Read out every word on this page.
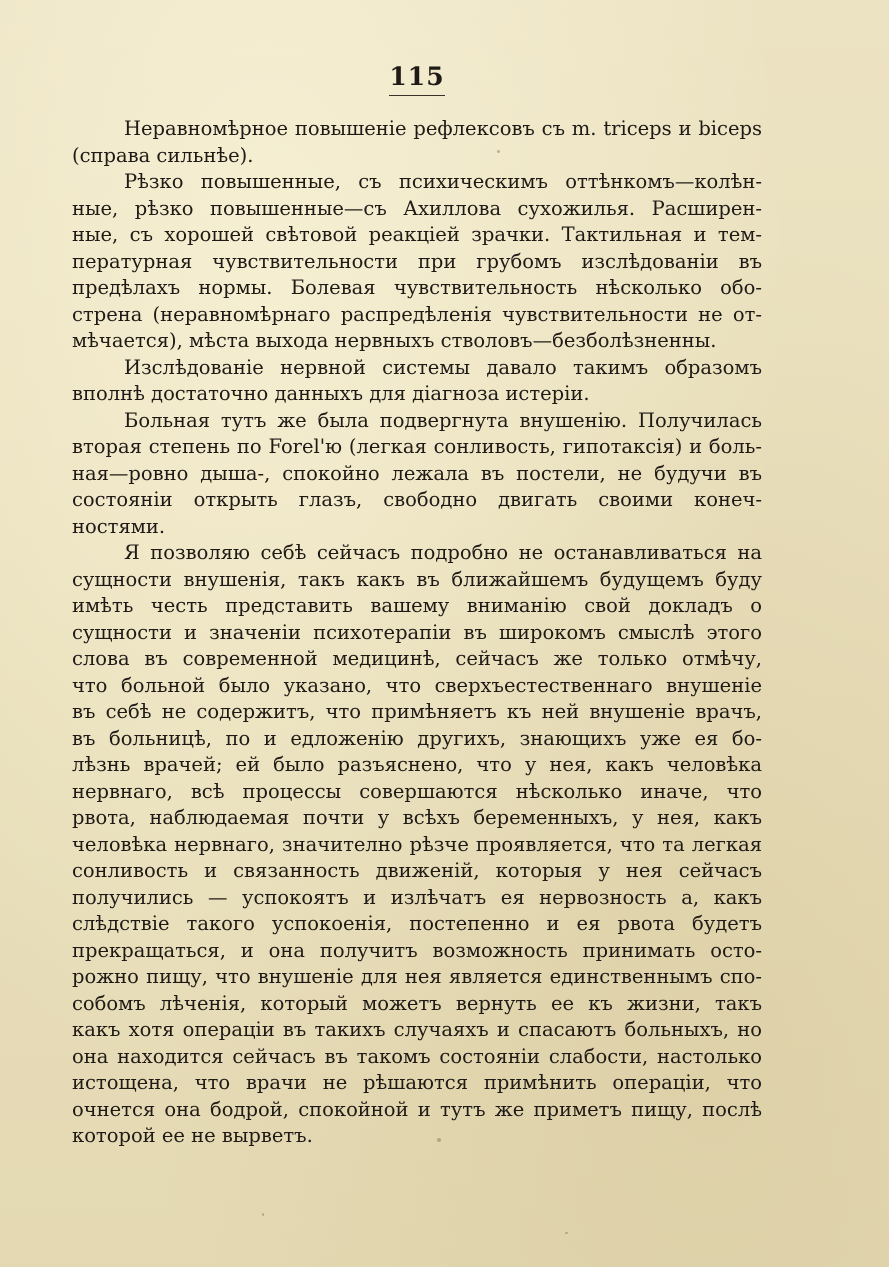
115
Неравномѣрное повышеніе рефлексовъ съ m. triceps и biceps
(справа сильнѣе).
Рѣзко повышенные, съ психическимъ оттѣнкомъ—колѣн-
ные, рѣзко повышенные—съ Ахиллова сухожилья. Расширен-
ные, съ хорошей свѣтовой реакціей зрачки. Тактильная и тем-
пературная чувствительности при грубомъ изслѣдованіи въ
предѣлахъ нормы. Болевая чувствительность нѣсколько обо-
стрена (неравномѣрнаго распредѣленія чувствительности не от-
мѣчается), мѣста выхода нервныхъ стволовъ—безболѣзненны.
Изслѣдованіе нервной системы давало такимъ образомъ
вполнѣ достаточно данныхъ для діагноза истеріи.
Больная тутъ же была подвергнута внушенію. Получилась
вторая степень по Forel'ю (легкая сонливость, гипотаксія) и боль-
ная—ровно дыша-, спокойно лежала въ постели, не будучи въ
состояніи открыть глазъ, свободно двигать своими конеч-
ностями.
Я позволяю себѣ сейчасъ подробно не останавливаться на
сущности внушенія, такъ какъ въ ближайшемъ будущемъ буду
имѣть честь представить вашему вниманію свой докладъ о
сущности и значеніи психотерапіи въ широкомъ смыслѣ этого
слова въ современной медицинѣ, сейчасъ же только отмѣчу,
что больной было указано, что сверхъестественнаго внушеніе
въ себѣ не содержитъ, что примѣняетъ къ ней внушеніе врачъ,
въ больницѣ, по и едложенію другихъ, знающихъ уже ея бо-
лѣзнь врачей; ей было разъяснено, что у нея, какъ человѣка
нервнаго, всѣ процессы совершаются нѣсколько иначе, что
рвота, наблюдаемая почти у всѣхъ беременныхъ, у нея, какъ
человѣка нервнаго, значително рѣзче проявляется, что та легкая
сонливость и связанность движеній, которыя у нея сейчасъ
получились — успокоятъ и излѣчатъ ея нервозность а, какъ
слѣдствіе такого успокоенія, постепенно и ея рвота будетъ
прекращаться, и она получитъ возможность принимать осто-
рожно пищу, что внушеніе для нея является единственнымъ спо-
собомъ лѣченія, который можетъ вернуть ее къ жизни, такъ
какъ хотя операціи въ такихъ случаяхъ и спасаютъ больныхъ, но
она находится сейчасъ въ такомъ состояніи слабости, настолько
истощена, что врачи не рѣшаются примѣнить операціи, что
очнется она бодрой, спокойной и тутъ же приметъ пищу, послѣ
которой ее не вырветъ.
